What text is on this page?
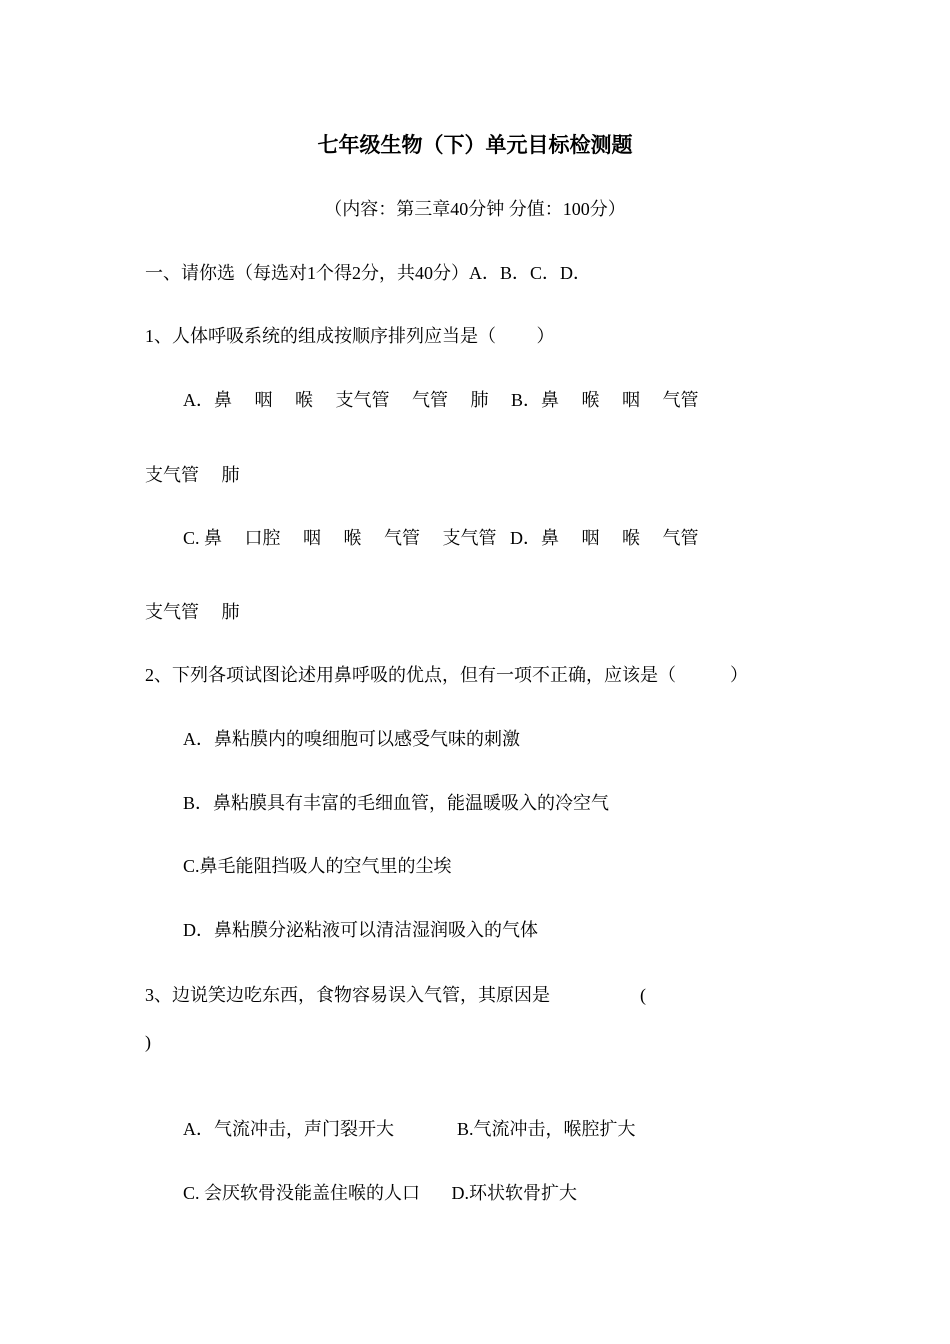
七年级生物（下）单元目标检测题
（内容：第三章40分钟 分值：100分）
一、请你选（每选对1个得2分，共40分）A．B．C．D．
1、人体呼吸系统的组成按顺序排列应当是（         ）
A．鼻     咽     喉     支气管     气管     肺     B．鼻     喉     咽     气管
支气管     肺
C. 鼻     口腔     咽     喉     气管     支气管   D．鼻     咽     喉     气管
支气管     肺
2、下列各项试图论述用鼻呼吸的优点，但有一项不正确，应该是（            ）
A．鼻粘膜内的嗅细胞可以感受气味的刺激
B．鼻粘膜具有丰富的毛细血管，能温暖吸入的冷空气
C.鼻毛能阻挡吸人的空气里的尘埃
D．鼻粘膜分泌粘液可以清洁湿润吸入的气体
3、边说笑边吃东西，食物容易误入气管，其原因是	(
)
A．气流冲击，声门裂开大              B.气流冲击，喉腔扩大
C. 会厌软骨没能盖住喉的人口       D.环状软骨扩大
